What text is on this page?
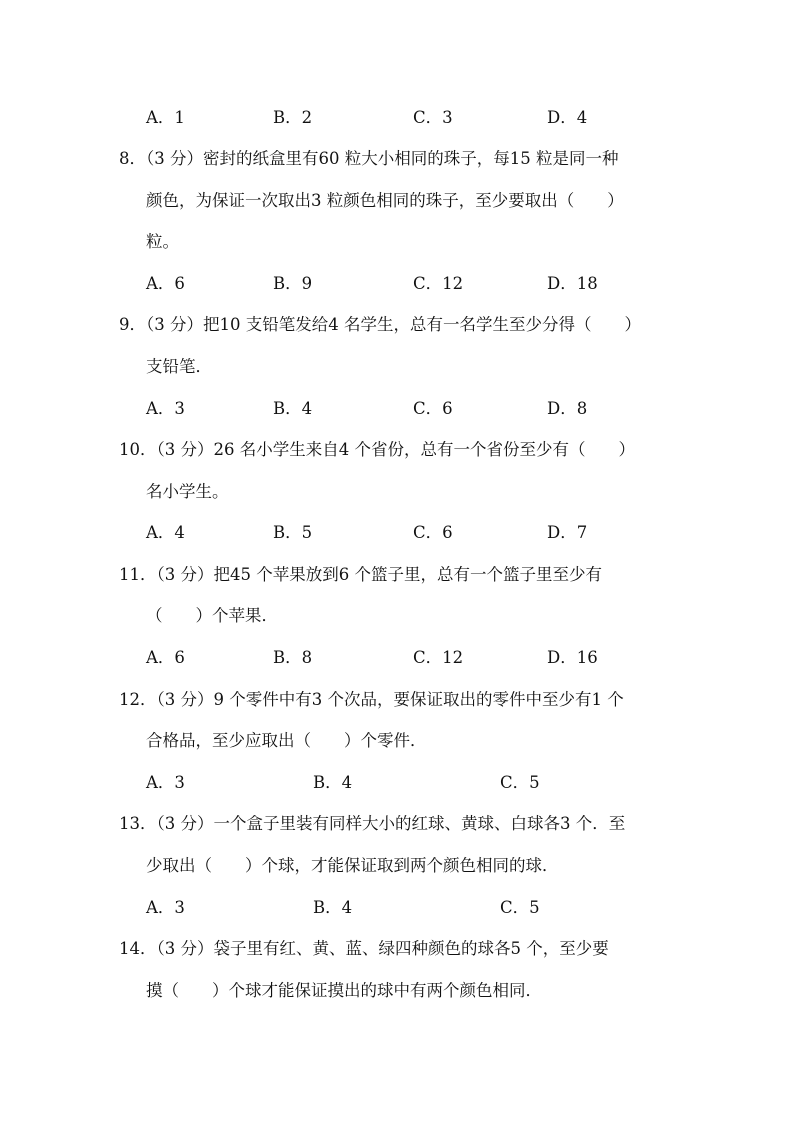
A．1	B．2	C．3	D．4
8．（3 分）密封的纸盒里有60 粒大小相同的珠子，每15 粒是同一种
颜色，为保证一次取出3 粒颜色相同的珠子，至少要取出（　　）
粒。
A．6	B．9	C．12	D．18
9．（3 分）把10 支铅笔发给4 名学生，总有一名学生至少分得（　　）
支铅笔．
A．3	B．4	C．6	D．8
10．（3 分）26 名小学生来自4 个省份，总有一个省份至少有（　　）
名小学生。
A．4	B．5	C．6	D．7
11．（3 分）把45 个苹果放到6 个篮子里，总有一个篮子里至少有
（　　）个苹果．
A．6	B．8	C．12	D．16
12．（3 分）9 个零件中有3 个次品，要保证取出的零件中至少有1 个
合格品，至少应取出（　　）个零件．
A．3	B．4	C．5
13．（3 分）一个盒子里装有同样大小的红球、黄球、白球各3 个．至
少取出（　　）个球，才能保证取到两个颜色相同的球．
A．3	B．4	C．5
14．（3 分）袋子里有红、黄、蓝、绿四种颜色的球各5 个，至少要
摸（　　）个球才能保证摸出的球中有两个颜色相同．
